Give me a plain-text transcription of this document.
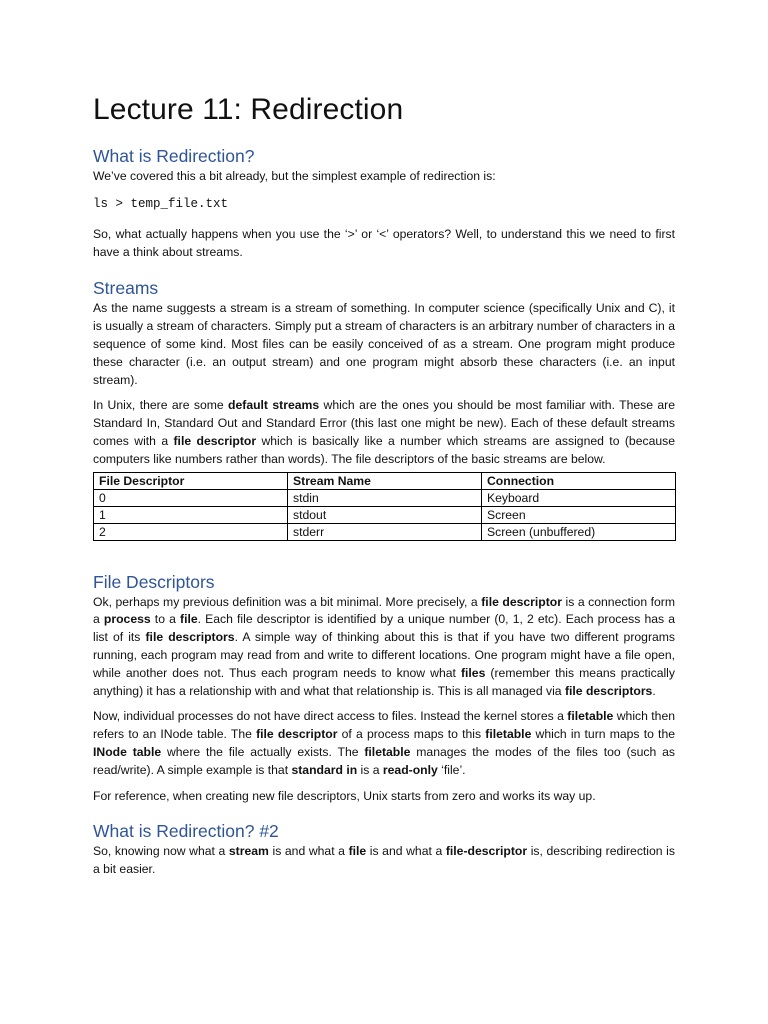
Lecture 11: Redirection
What is Redirection?

We’ve covered this a bit already, but the simplest example of redirection is:

ls > temp_file.txt

So, what actually happens when you use the ‘>’ or ‘<’ operators? Well, to understand this we need to first have a think about streams.

Streams

As the name suggests a stream is a stream of something. In computer science (specifically Unix and C), it is usually a stream of characters. Simply put a stream of characters is an arbitrary number of characters in a sequence of some kind. Most files can be easily conceived of as a stream. One program might produce these character (i.e. an output stream) and one program might absorb these characters (i.e. an input stream).

In Unix, there are some default streams which are the ones you should be most familiar with. These are Standard In, Standard Out and Standard Error (this last one might be new). Each of these default streams comes with a file descriptor which is basically like a number which streams are assigned to (because computers like numbers rather than words). The file descriptors of the basic streams are below.

File Descriptor	Stream Name	Connection
0	stdin	Keyboard
1	stdout	Screen
2	stderr	Screen (unbuffered)
File Descriptors

Ok, perhaps my previous definition was a bit minimal. More precisely, a file descriptor is a connection form a process to a file. Each file descriptor is identified by a unique number (0, 1, 2 etc). Each process has a list of its file descriptors. A simple way of thinking about this is that if you have two different programs running, each program may read from and write to different locations. One program might have a file open, while another does not. Thus each program needs to know what files (remember this means practically anything) it has a relationship with and what that relationship is. This is all managed via file descriptors.

Now, individual processes do not have direct access to files. Instead the kernel stores a filetable which then refers to an INode table. The file descriptor of a process maps to this filetable which in turn maps to the INode table where the file actually exists. The filetable manages the modes of the files too (such as read/write). A simple example is that standard in is a read-only ‘file’.

For reference, when creating new file descriptors, Unix starts from zero and works its way up.

What is Redirection? #2

So, knowing now what a stream is and what a file is and what a file-descriptor is, describing redirection is a bit easier.
